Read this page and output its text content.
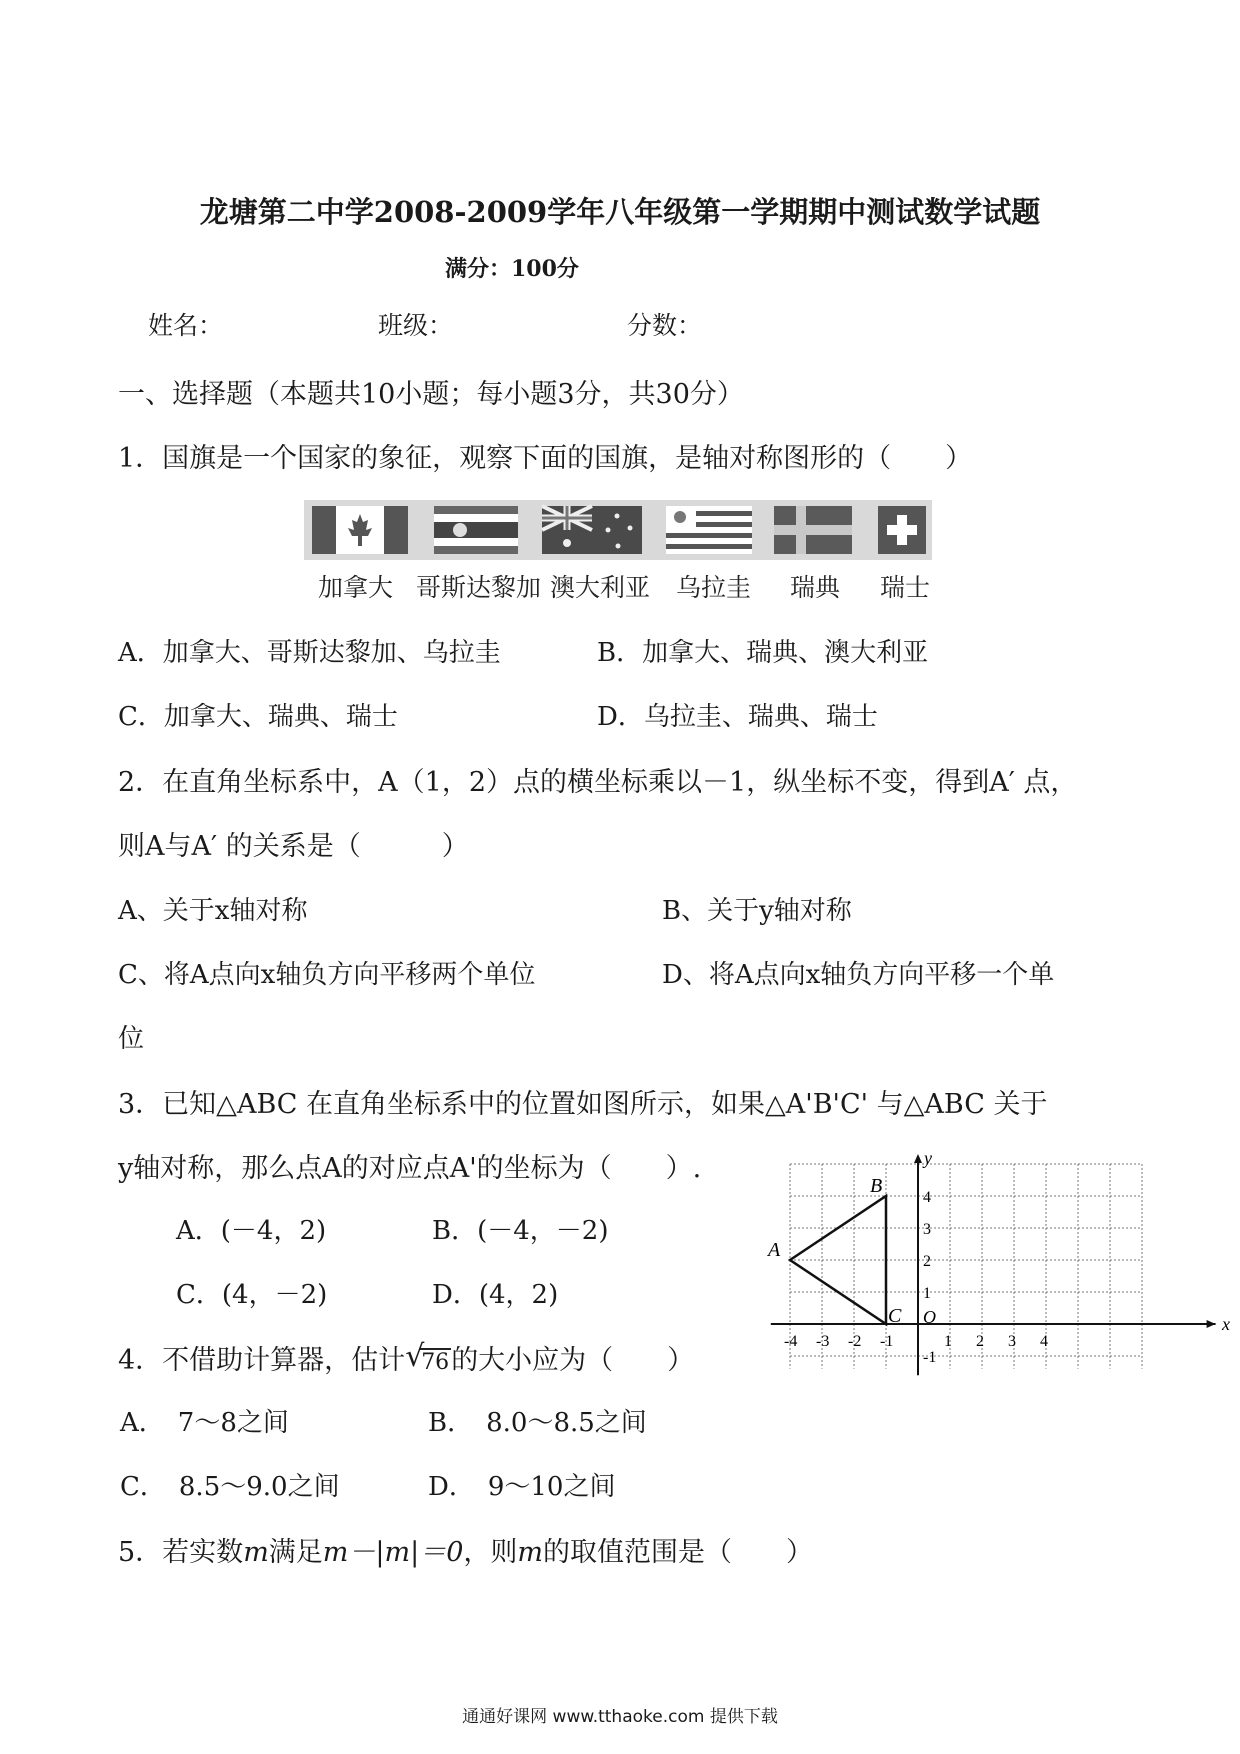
龙塘第二中学2008-2009学年八年级第一学期期中测试数学试题
满分：100分
姓名：	班级：	分数：
一、选择题（本题共10小题；每小题3分，共30分）
1．国旗是一个国家的象征，观察下面的国旗，是轴对称图形的（　　）
加拿大 哥斯达黎加 澳大利亚 乌拉圭 瑞典 瑞士
A．加拿大、哥斯达黎加、乌拉圭	B．加拿大、瑞典、澳大利亚
C．加拿大、瑞典、瑞士	D．乌拉圭、瑞典、瑞士
2．在直角坐标系中，A（1，2）点的横坐标乘以－1，纵坐标不变，得到A′ 点，
则A与A′ 的关系是（　　　）
A、关于x轴对称	B、关于y轴对称
C、将A点向x轴负方向平移两个单位	D、将A点向x轴负方向平移一个单
位
3．已知△ABC 在直角坐标系中的位置如图所示，如果△A'B'C' 与△ABC 关于
y轴对称，那么点A的对应点A'的坐标为（　　）.
A．(－4，2)	B．(－4，－2)
C．(4，－2)	D．(4，2)
x
y
-4 -3 -2 -1	1 2 3 4
4
3
2
1
-1
O
A
B
C
4．不借助计算器，估计 √
76的大小应为（　　）
A．　7～8之间	B．　8.0～8.5之间
C．　8.5～9.0之间	D．　9～10之间
5．若实数m满足m－|m|＝0，则m的取值范围是（　　）
通通好课网 www.tthaoke.com 提供下载
